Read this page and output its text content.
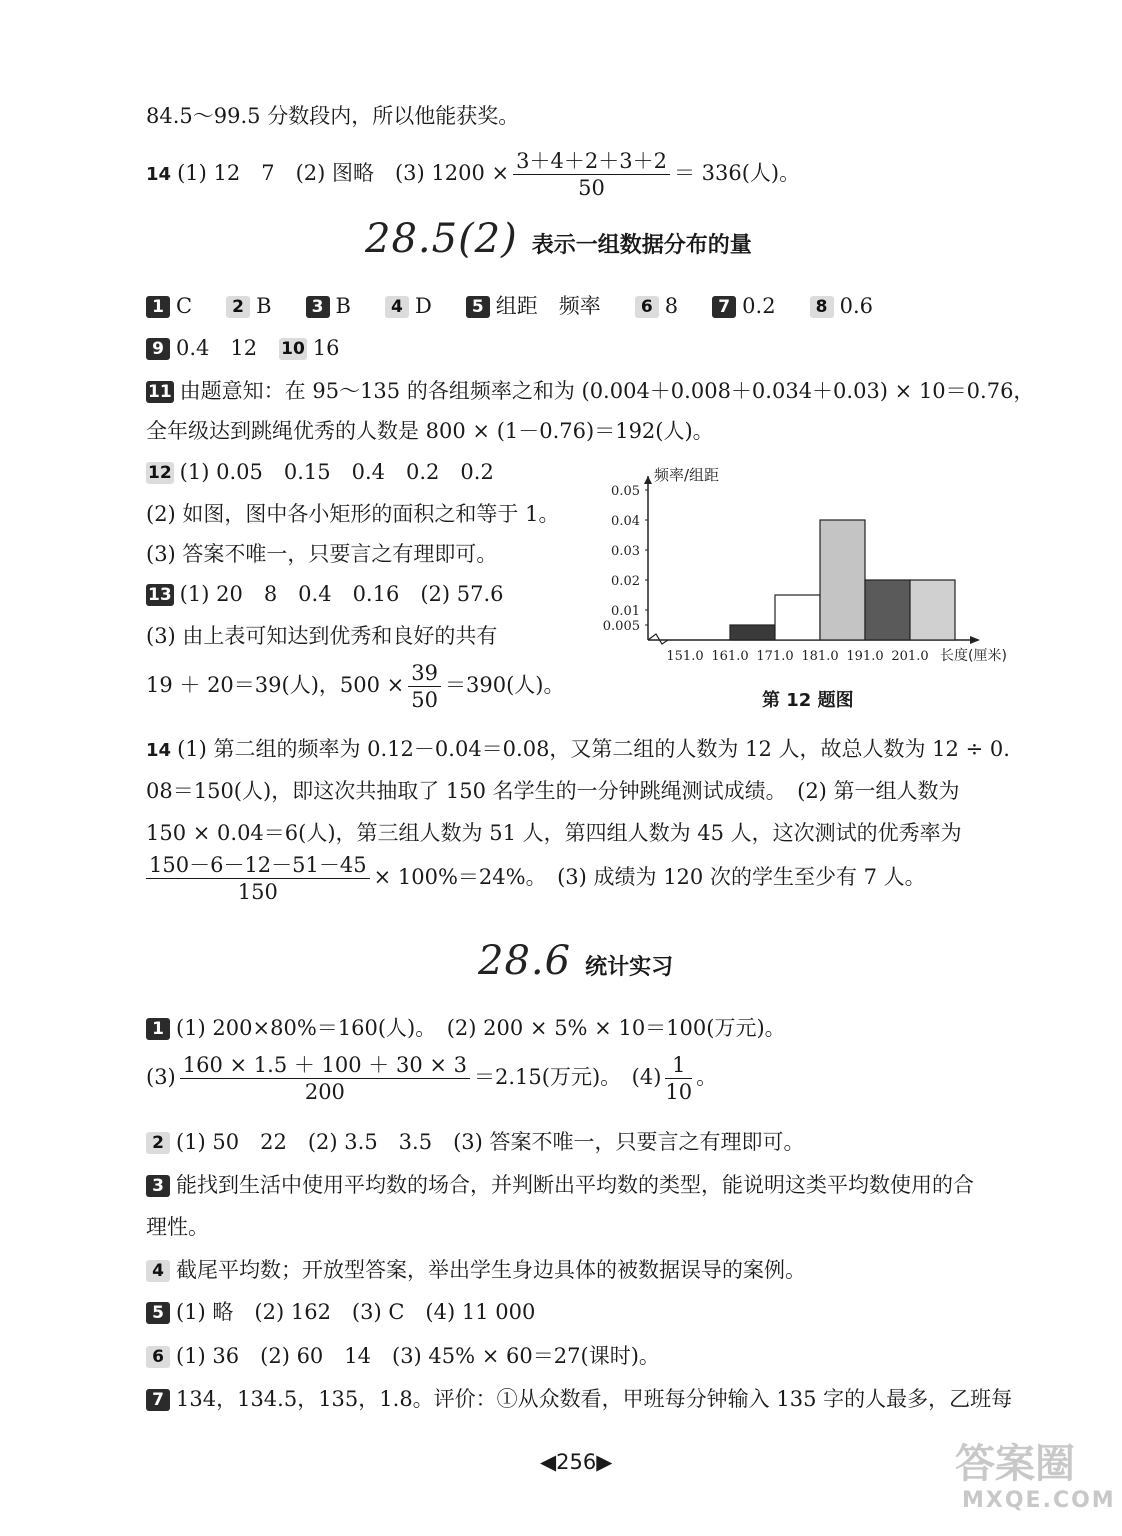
84.5～99.5 分数段内，所以他能获奖。
14 (1) 12　7　(2) 图略　(3) $1200 \times \frac{3+4+2+3+2}{50} = 336$(人)。
28.5(2) 表示一组数据分布的量
1 C 2 B 3 B 4 D 5 组距　频率 6 8 7 0.2 8 0.6
9 0.4　12 10 16
11 由题意知：在 95～135 的各组频率之和为 (0.004＋0.008＋0.034＋0.03) × 10＝0.76，
全年级达到跳绳优秀的人数是 800 × (1－0.76)＝192(人)。
12 (1) 0.05　0.15　0.4　0.2　0.2
(2) 如图，图中各小矩形的面积之和等于 1。
(3) 答案不唯一，只要言之有理即可。
13 (1) 20　8　0.4　0.16　(2) 57.6
(3) 由上表可知达到优秀和良好的共有
19 ＋ 20＝39(人)，$500 \times \frac{39}{50} =390$(人)。
频率/组距
长度(厘米)
0.005
0.01
0.02
0.03
0.04
0.05
151.0 161.0 171.0 181.0 191.0 201.0
第 12 题图
14 (1) 第二组的频率为 0.12－0.04＝0.08，又第二组的人数为 12 人，故总人数为 12 ÷ 0.
08＝150(人)，即这次共抽取了 150 名学生的一分钟跳绳测试成绩。　(2) 第一组人数为
150 × 0.04＝6(人)，第三组人数为 51 人，第四组人数为 45 人，这次测试的优秀率为
$\frac{150-6-12-51-45}{150} \times 100\%=24\%$。　(3) 成绩为 120 次的学生至少有 7 人。
28.6 统计实习
1 (1) 200×80%＝160(人)。　(2) 200 × 5% × 10＝100(万元)。
$(3) \frac{160 \times 1.5 + 100 + 30 \times 3}{200} =2.15$(万元)。　$(4) \frac{1}{10}$ 。
2 (1) 50　22　(2) 3.5　3.5　(3) 答案不唯一，只要言之有理即可。
3 能找到生活中使用平均数的场合，并判断出平均数的类型，能说明这类平均数使用的合
理性。
4 截尾平均数；开放型答案，举出学生身边具体的被数据误导的案例。
5 (1) 略　(2) 162　(3) C　(4) 11 000
6 (1) 36　(2) 60　14　(3) 45% × 60＝27(课时)。
7 134，134.5，135，1.8。评价：①从众数看，甲班每分钟输入 135 字的人最多，乙班每
◀256▶	答案圈
MXQE.COM
